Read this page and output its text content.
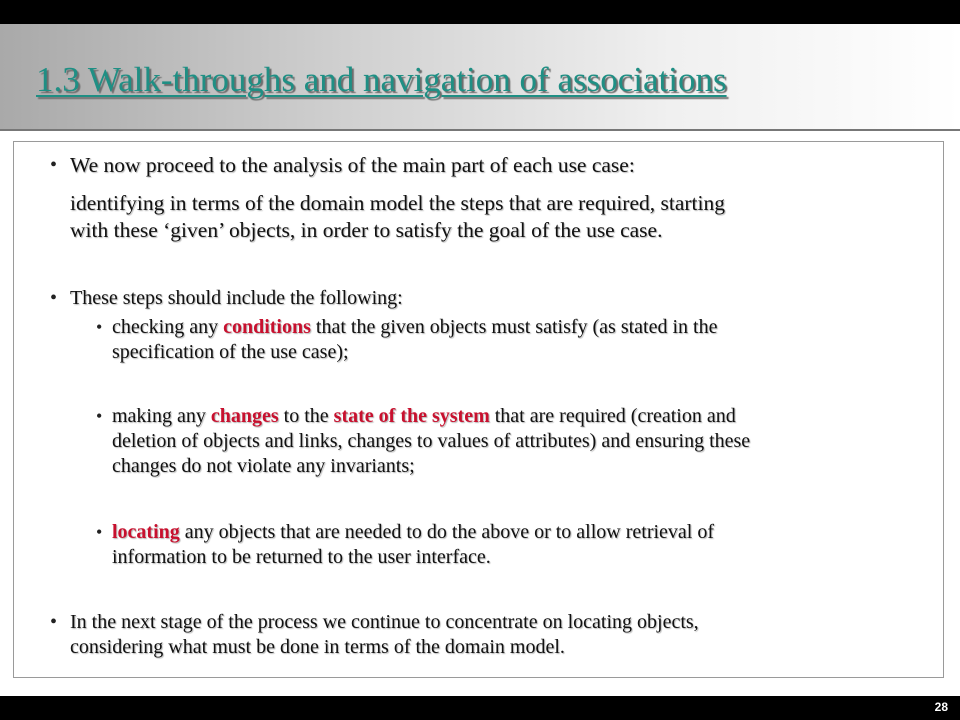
1.3 Walk-throughs and navigation of associations
• We now proceed to the analysis of the main part of each use case:
identifying in terms of the domain model the steps that are required, starting
with these ‘given’ objects, in order to satisfy the goal of the use case.
• These steps should include the following:
• checking any conditions that the given objects must satisfy (as stated in the
specification of the use case);
• making any changes to the state of the system that are required (creation and
deletion of objects and links, changes to values of attributes) and ensuring these
changes do not violate any invariants;
• locating any objects that are needed to do the above or to allow retrieval of
information to be returned to the user interface.
• In the next stage of the process we continue to concentrate on locating objects,
considering what must be done in terms of the domain model.
28
